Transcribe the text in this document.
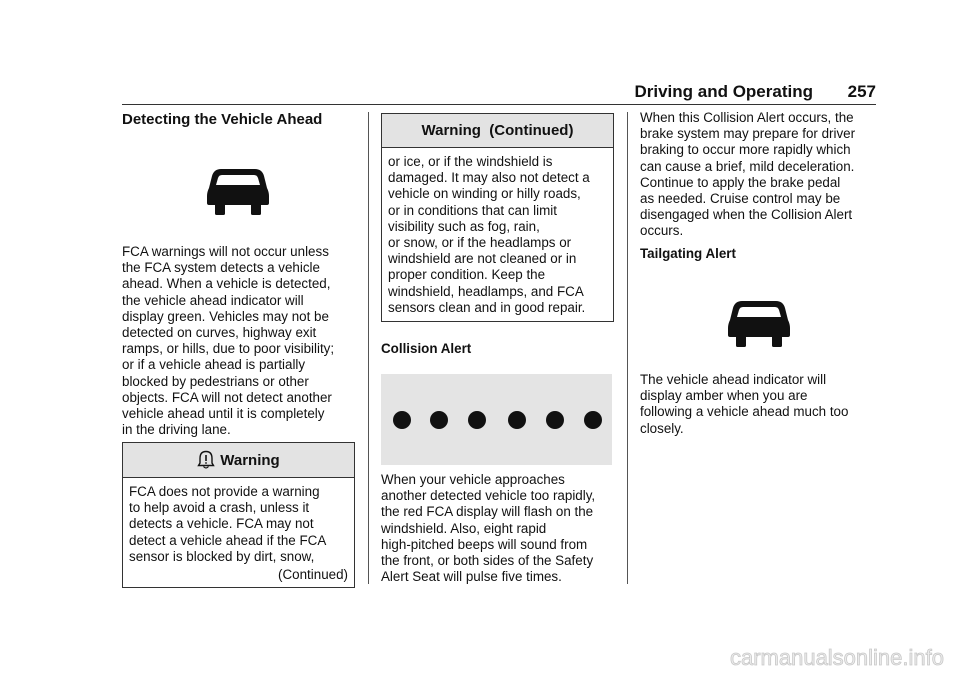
Driving and Operating	257
Detecting the Vehicle Ahead

FCA warnings will not occur unless
the FCA system detects a vehicle
ahead. When a vehicle is detected,
the vehicle ahead indicator will
display green. Vehicles may not be
detected on curves, highway exit
ramps, or hills, due to poor visibility;
or if a vehicle ahead is partially
blocked by pedestrians or other
objects. FCA will not detect another
vehicle ahead until it is completely
in the driving lane.

Warning
FCA does not provide a warning
to help avoid a crash, unless it
detects a vehicle. FCA may not
detect a vehicle ahead if the FCA
sensor is blocked by dirt, snow,
(Continued)
Warning  (Continued)
or ice, or if the windshield is
damaged. It may also not detect a
vehicle on winding or hilly roads,
or in conditions that can limit
visibility such as fog, rain,
or snow, or if the headlamps or
windshield are not cleaned or in
proper condition. Keep the
windshield, headlamps, and FCA
sensors clean and in good repair.
Collision Alert

When your vehicle approaches
another detected vehicle too rapidly,
the red FCA display will flash on the
windshield. Also, eight rapid
high-pitched beeps will sound from
the front, or both sides of the Safety
Alert Seat will pulse five times.

When this Collision Alert occurs, the
brake system may prepare for driver
braking to occur more rapidly which
can cause a brief, mild deceleration.
Continue to apply the brake pedal
as needed. Cruise control may be
disengaged when the Collision Alert
occurs.

Tailgating Alert

The vehicle ahead indicator will
display amber when you are
following a vehicle ahead much too
closely.

carmanualsonline.info
